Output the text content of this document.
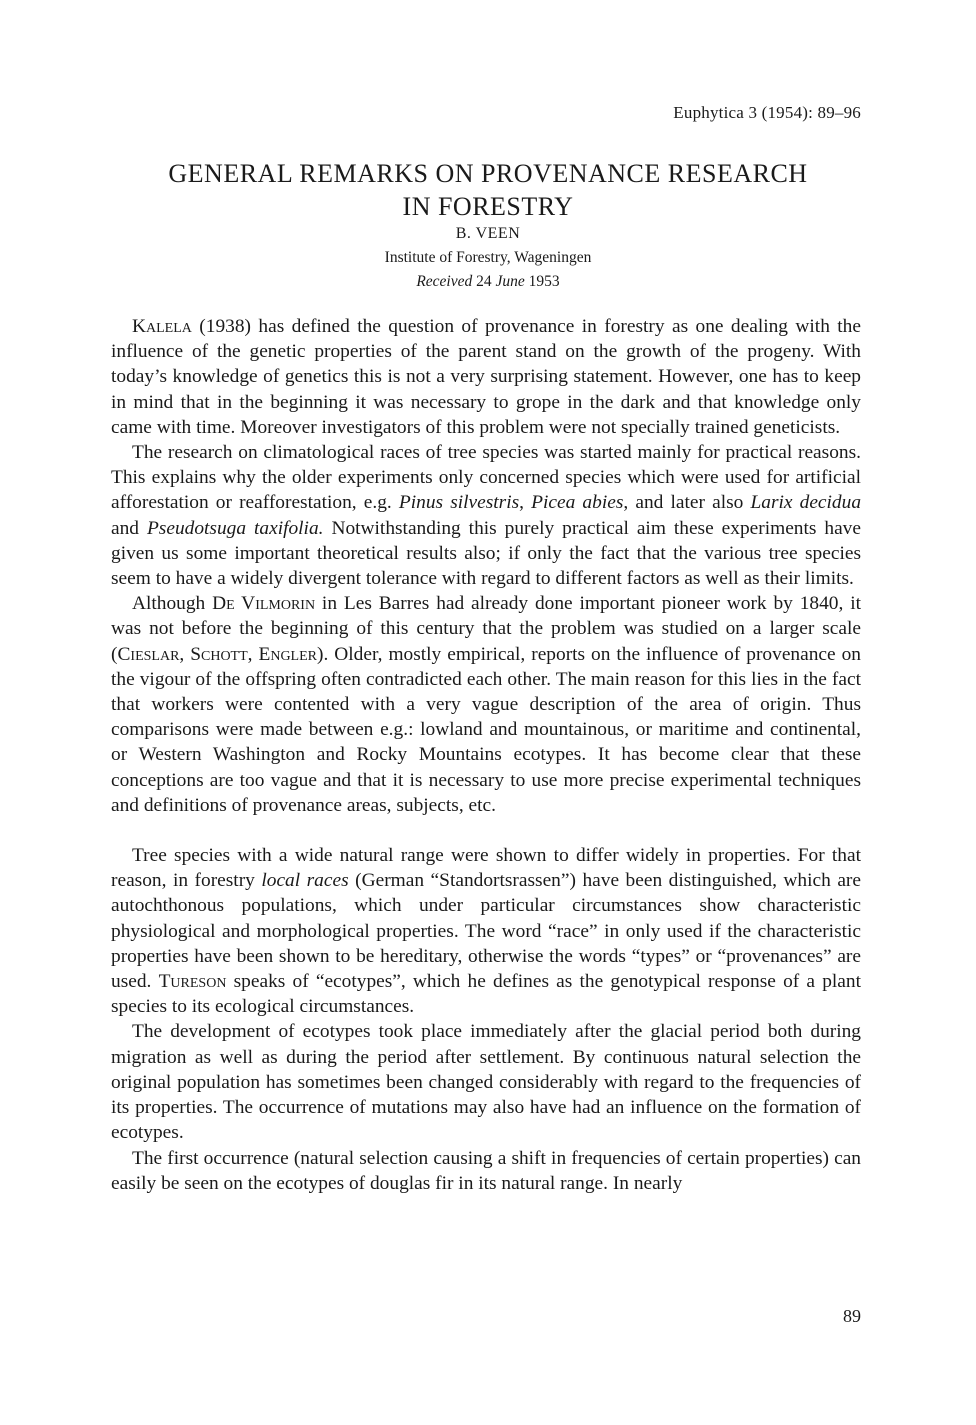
Euphytica 3 (1954): 89–96
GENERAL REMARKS ON PROVENANCE RESEARCH
IN FORESTRY
B. VEEN
Institute of Forestry, Wageningen
Received 24 June 1953

Kalela (1938) has defined the question of provenance in forestry as one dealing with the influence of the genetic properties of the parent stand on the growth of the progeny. With today’s knowledge of genetics this is not a very surprising statement. However, one has to keep in mind that in the beginning it was necessary to grope in the dark and that knowledge only came with time. Moreover investigators of this problem were not specially trained geneticists.

The research on climatological races of tree species was started mainly for practical reasons. This explains why the older experiments only concerned species which were used for artificial afforestation or reafforestation, e.g. Pinus silvestris, Picea abies, and later also Larix decidua and Pseudotsuga taxifolia. Notwithstanding this purely practical aim these experiments have given us some important theoretical results also; if only the fact that the various tree species seem to have a widely divergent tolerance with regard to different factors as well as their limits.

Although De Vilmorin in Les Barres had already done important pioneer work by 1840, it was not before the beginning of this century that the problem was studied on a larger scale (Cieslar, Schott, Engler). Older, mostly empirical, reports on the influence of provenance on the vigour of the offspring often contradicted each other. The main reason for this lies in the fact that workers were contented with a very vague description of the area of origin. Thus comparisons were made between e.g.: lowland and mountainous, or maritime and continental, or Western Washington and Rocky Mountains ecotypes. It has become clear that these conceptions are too vague and that it is necessary to use more precise experimental techniques and definitions of provenance areas, subjects, etc.

Tree species with a wide natural range were shown to differ widely in properties. For that reason, in forestry local races (German “Standortsrassen”) have been distinguished, which are autochthonous populations, which under particular circumstances show characteristic physiological and morphological properties. The word “race” in only used if the characteristic properties have been shown to be hereditary, otherwise the words “types” or “provenances” are used. Tureson speaks of “ecotypes”, which he defines as the genotypical response of a plant species to its ecological circumstances.

The development of ecotypes took place immediately after the glacial period both during migration as well as during the period after settlement. By continuous natural selection the original population has sometimes been changed considerably with regard to the frequencies of its properties. The occurrence of mutations may also have had an influence on the formation of ecotypes.

The first occurrence (natural selection causing a shift in frequencies of certain properties) can easily be seen on the ecotypes of douglas fir in its natural range. In nearly

89
